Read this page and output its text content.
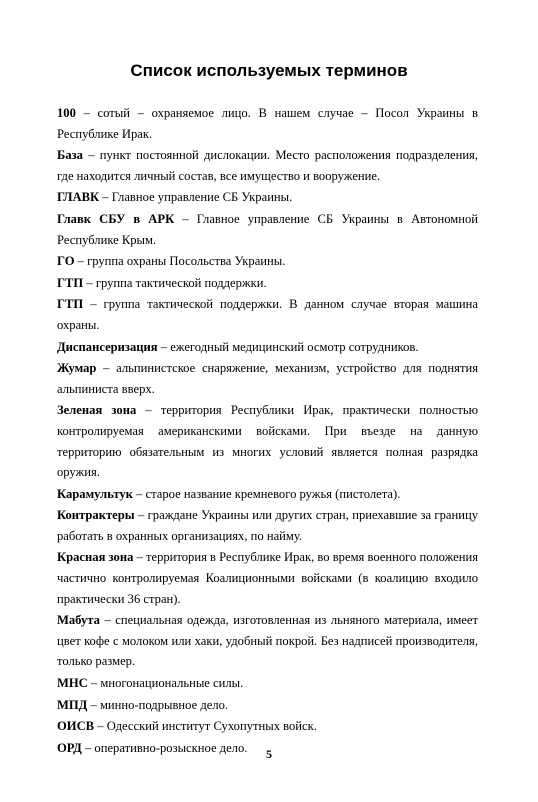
Список используемых терминов

100 – сотый – охраняемое лицо. В нашем случае – Посол Украины в Республике Ирак.

База – пункт постоянной дислокации. Место расположения подразделения, где находится личный состав, все имущество и вооружение.

ГЛАВК – Главное управление СБ Украины.

Главк СБУ в АРК – Главное управление СБ Украины в Автономной Республике Крым.

ГО – группа охраны Посольства Украины.

ГТП – группа тактической поддержки.

ГТП – группа тактической поддержки. В данном случае вторая машина охраны.

Диспансеризация – ежегодный медицинский осмотр сотрудников.

Жумар – альпинистское снаряжение, механизм, устройство для поднятия альпиниста вверх.

Зеленая зона – территория Республики Ирак, практически полностью контролируемая американскими войсками. При въезде на данную территорию обязательным из многих условий является полная разрядка оружия.

Карамультук – старое название кремневого ружья (пистолета).

Контрактеры – граждане Украины или других стран, приехавшие за границу работать в охранных организациях, по найму.

Красная зона – территория в Республике Ирак, во время военного положения частично контролируемая Коалиционными войсками (в коалицию входило практически 36 стран).

Мабута – специальная одежда, изготовленная из льняного материала, имеет цвет кофе с молоком или хаки, удобный покрой. Без надписей производителя, только размер.

МНС – многонациональные силы.

МПД – минно-подрывное дело.

ОИСВ – Одесский институт Сухопутных войск.

ОРД – оперативно-розыскное дело.	5
